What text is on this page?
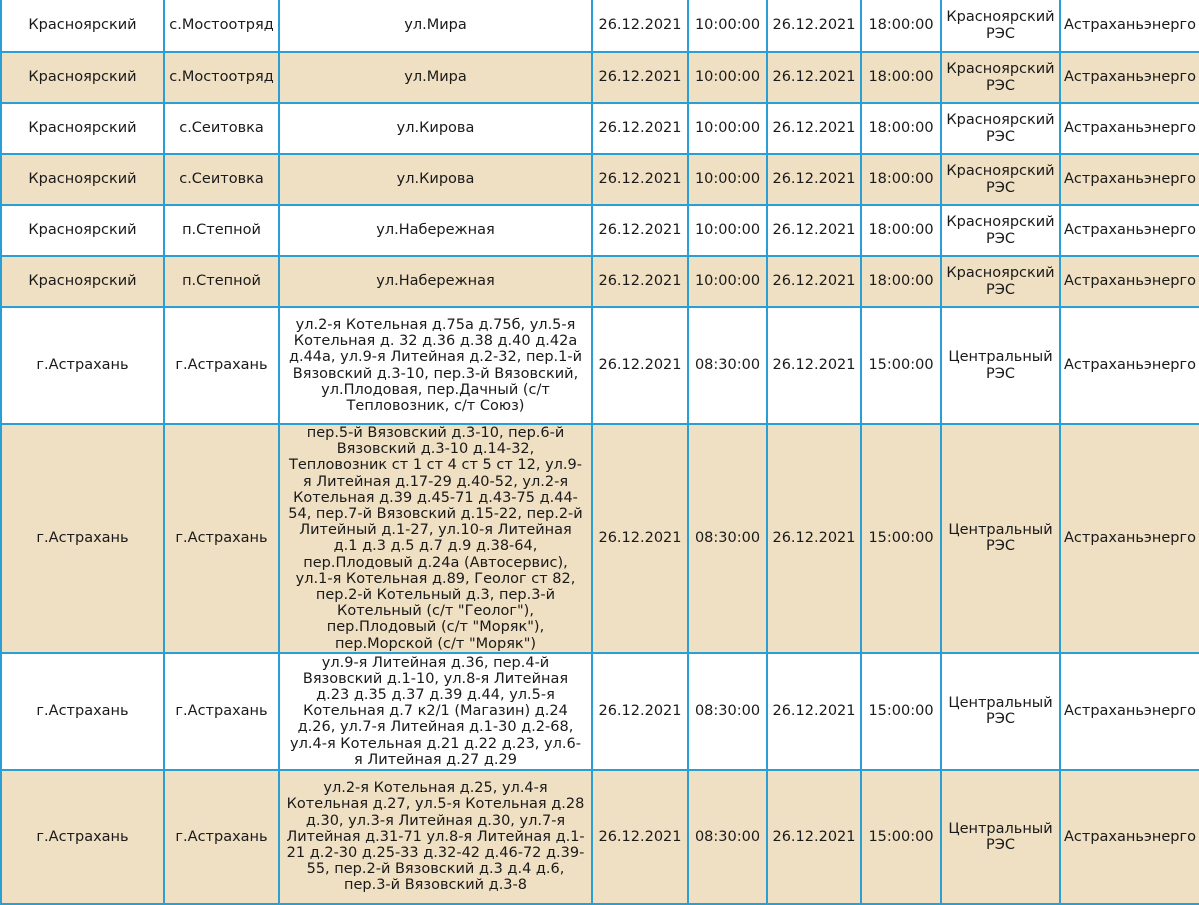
Красноярский	с.Мостоотряд	ул.Мира	26.12.2021	10:00:00	26.12.2021	18:00:00	Красноярский РЭС	Астраханьэнерго
Красноярский	с.Мостоотряд	ул.Мира	26.12.2021	10:00:00	26.12.2021	18:00:00	Красноярский РЭС	Астраханьэнерго
Красноярский	с.Сеитовка	ул.Кирова	26.12.2021	10:00:00	26.12.2021	18:00:00	Красноярский РЭС	Астраханьэнерго
Красноярский	с.Сеитовка	ул.Кирова	26.12.2021	10:00:00	26.12.2021	18:00:00	Красноярский РЭС	Астраханьэнерго
Красноярский	п.Степной	ул.Набережная	26.12.2021	10:00:00	26.12.2021	18:00:00	Красноярский РЭС	Астраханьэнерго
Красноярский	п.Степной	ул.Набережная	26.12.2021	10:00:00	26.12.2021	18:00:00	Красноярский РЭС	Астраханьэнерго
г.Астрахань	г.Астрахань	ул.2-я Котельная д.75а д.75б, ул.5-я Котельная д. 32 д.36 д.38 д.40 д.42а д.44а, ул.9-я Литейная д.2-32, пер.1-й Вязовский д.3-10, пер.3-й Вязовский, ул.Плодовая, пер.Дачный (с/т Тепловозник, с/т Союз)	26.12.2021	08:30:00	26.12.2021	15:00:00	Центральный РЭС	Астраханьэнерго
г.Астрахань	г.Астрахань	пер.5-й Вязовский д.3-10, пер.6-й Вязовский д.3-10 д.14-32, Тепловозник ст 1 ст 4 ст 5 ст 12, ул.9-я Литейная д.17-29 д.40-52, ул.2-я Котельная д.39 д.45-71 д.43-75 д.44-54, пер.7-й Вязовский д.15-22, пер.2-й Литейный д.1-27, ул.10-я Литейная д.1 д.3 д.5 д.7 д.9 д.38-64, пер.Плодовый д.24а (Автосервис), ул.1-я Котельная д.89, Геолог ст 82, пер.2-й Котельный д.3, пер.3-й Котельный (с/т "Геолог"), пер.Плодовый (с/т "Моряк"), пер.Морской (с/т "Моряк")	26.12.2021	08:30:00	26.12.2021	15:00:00	Центральный РЭС	Астраханьэнерго
г.Астрахань	г.Астрахань	ул.9-я Литейная д.36, пер.4-й Вязовский д.1-10, ул.8-я Литейная д.23 д.35 д.37 д.39 д.44, ул.5-я Котельная д.7 к2/1 (Магазин) д.24 д.26, ул.7-я Литейная д.1-30 д.2-68, ул.4-я Котельная д.21 д.22 д.23, ул.6-я Литейная д.27 д.29	26.12.2021	08:30:00	26.12.2021	15:00:00	Центральный РЭС	Астраханьэнерго
г.Астрахань	г.Астрахань	ул.2-я Котельная д.25, ул.4-я Котельная д.27, ул.5-я Котельная д.28 д.30, ул.3-я Литейная д.30, ул.7-я Литейная д.31-71 ул.8-я Литейная д.1-21 д.2-30 д.25-33 д.32-42 д.46-72 д.39-55, пер.2-й Вязовский д.3 д.4 д.6, пер.3-й Вязовский д.3-8	26.12.2021	08:30:00	26.12.2021	15:00:00	Центральный РЭС	Астраханьэнерго
